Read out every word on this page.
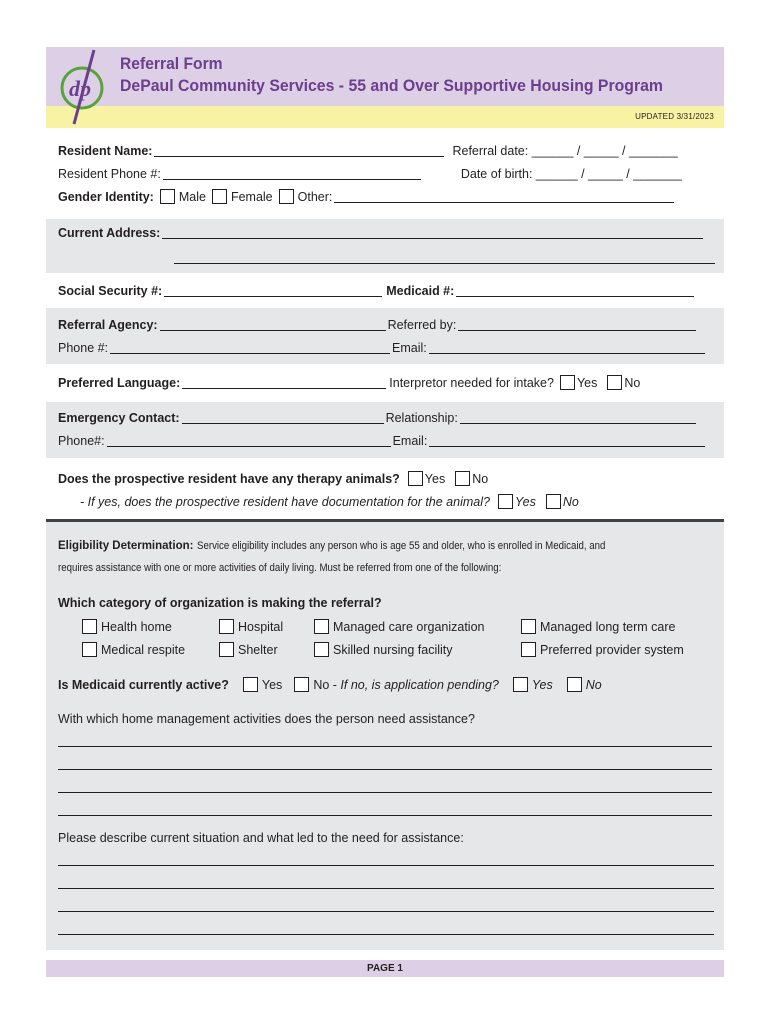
dp
Referral Form
DePaul Community Services - 55 and Over Supportive Housing Program
UPDATED 3/31/2023
Resident Name:	Referral date: ______ / _____ / _______
Resident Phone #:	Date of birth: ______ / _____ / _______
Gender Identity: Male Female Other:
Current Address:
Social Security #:	Medicaid #:
Referral Agency:	Referred by:
Phone #:	Email:
Preferred Language:	Interpretor needed for intake? Yes No
Emergency Contact:	Relationship:
Phone#:	Email:
Does the prospective resident have any therapy animals? Yes No
- If yes, does the prospective resident have documentation for the animal? Yes No
Eligibility Determination: Service eligibility includes any person who is age 55 and older, who is enrolled in Medicaid, and
requires assistance with one or more activities of daily living. Must be referred from one of the following:
Which category of organization is making the referral?
Health home	Hospital	Managed care organization	Managed long term care
Medical respite	Shelter	Skilled nursing facility	Preferred provider system
Is Medicaid currently active?	Yes No - If no, is application pending?	Yes	No
With which home management activities does the person need assistance?
Please describe current situation and what led to the need for assistance:
PAGE 1
